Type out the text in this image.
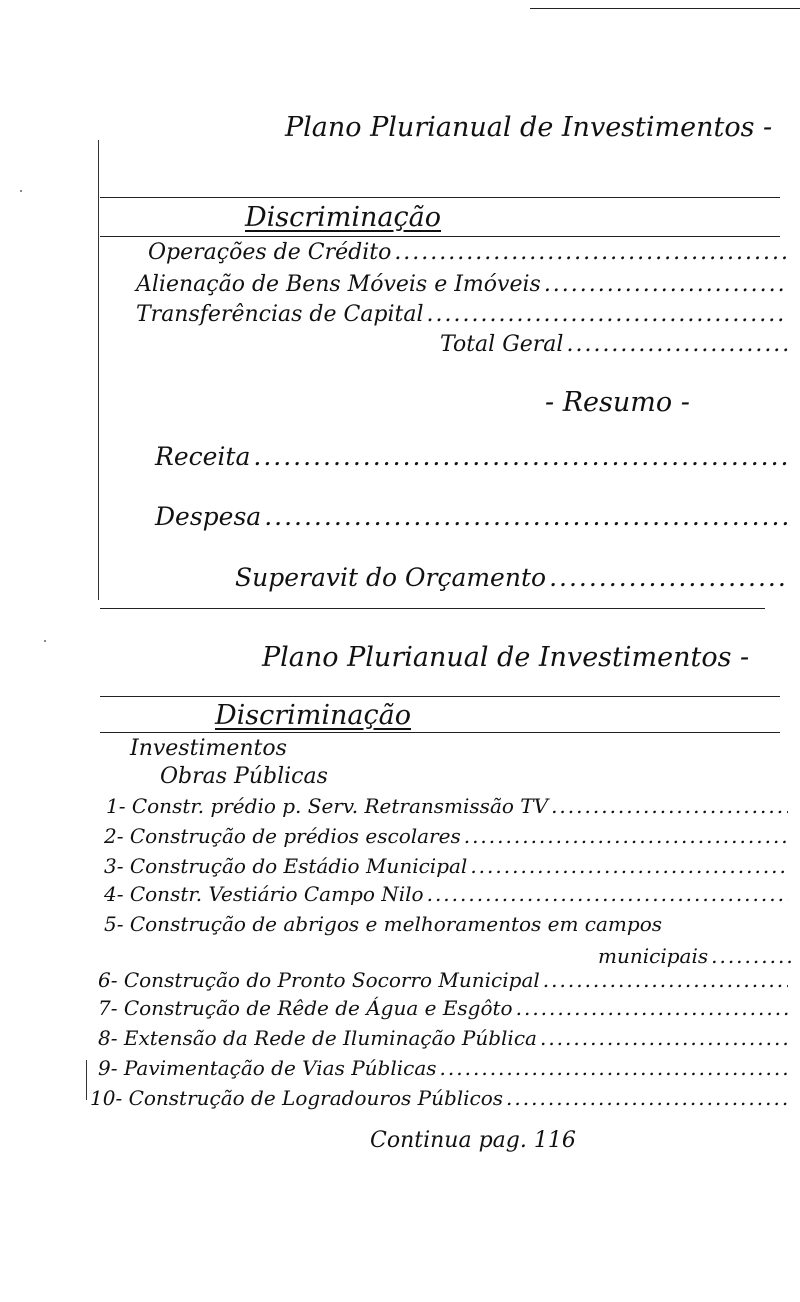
Plano Plurianual de Investimentos -
Discriminação
Operações de Crédito
.....
Alienação de Bens Móveis e Imóveis
.....
Transferências de Capital
.....
Total Geral
.....
- Resumo -
Receita
.....
Despesa
.....
Superavit do Orçamento
.....
Plano Plurianual de Investimentos -
Discriminação
Investimentos
Obras Públicas
1- Constr. prédio p. Serv. Retransmissão TV
.....
2- Construção de prédios escolares
.....
3- Construção do Estádio Municipal
.....
4- Constr. Vestiário Campo Nilo
.....
5- Construção de abrigos e melhoramentos em campos
municipais
.....
6- Construção do Pronto Socorro Municipal
.....
7- Construção de Rêde de Água e Esgôto
.....
8- Extensão da Rede de Iluminação Pública
.....
9- Pavimentação de Vias Públicas
.....
10- Construção de Logradouros Públicos
.....
Continua pag. 116
